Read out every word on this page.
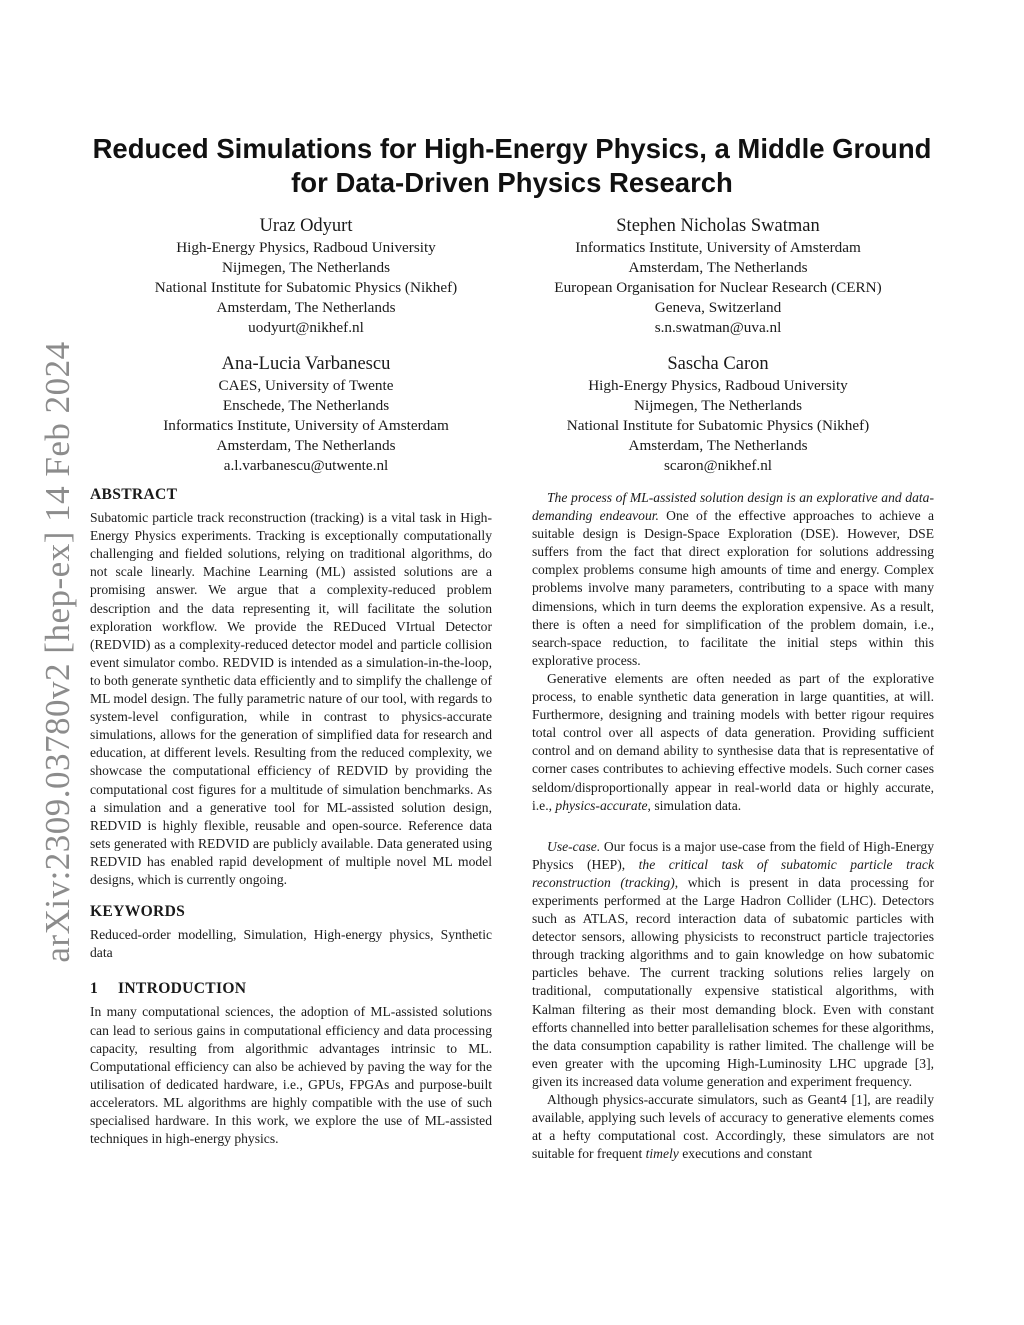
arXiv:2309.03780v2 [hep-ex] 14 Feb 2024
Reduced Simulations for High-Energy Physics, a Middle Ground
for Data-Driven Physics Research
Uraz Odyurt
High-Energy Physics, Radboud University
Nijmegen, The Netherlands
National Institute for Subatomic Physics (Nikhef)
Amsterdam, The Netherlands
uodyurt@nikhef.nl
Stephen Nicholas Swatman
Informatics Institute, University of Amsterdam
Amsterdam, The Netherlands
European Organisation for Nuclear Research (CERN)
Geneva, Switzerland
s.n.swatman@uva.nl
Ana-Lucia Varbanescu
CAES, University of Twente
Enschede, The Netherlands
Informatics Institute, University of Amsterdam
Amsterdam, The Netherlands
a.l.varbanescu@utwente.nl
Sascha Caron
High-Energy Physics, Radboud University
Nijmegen, The Netherlands
National Institute for Subatomic Physics (Nikhef)
Amsterdam, The Netherlands
scaron@nikhef.nl
ABSTRACT

Subatomic particle track reconstruction (tracking) is a vital task in High-Energy Physics experiments. Tracking is exceptionally computationally challenging and fielded solutions, relying on traditional algorithms, do not scale linearly. Machine Learning (ML) assisted solutions are a promising answer. We argue that a complexity-reduced problem description and the data representing it, will facilitate the solution exploration workflow. We provide the REDuced VIrtual Detector (REDVID) as a complexity-reduced detector model and particle collision event simulator combo. REDVID is intended as a simulation-in-the-loop, to both generate synthetic data efficiently and to simplify the challenge of ML model design. The fully parametric nature of our tool, with regards to system-level configuration, while in contrast to physics-accurate simulations, allows for the generation of simplified data for research and education, at different levels. Resulting from the reduced complexity, we showcase the computational efficiency of REDVID by providing the computational cost figures for a multitude of simulation benchmarks. As a simulation and a generative tool for ML-assisted solution design, REDVID is highly flexible, reusable and open-source. Reference data sets generated with REDVID are publicly available. Data generated using REDVID has enabled rapid development of multiple novel ML model designs, which is currently ongoing.

KEYWORDS

Reduced-order modelling, Simulation, High-energy physics, Synthetic data

1 INTRODUCTION

In many computational sciences, the adoption of ML-assisted solutions can lead to serious gains in computational efficiency and data processing capacity, resulting from algorithmic advantages intrinsic to ML. Computational efficiency can also be achieved by paving the way for the utilisation of dedicated hardware, i.e., GPUs, FPGAs and purpose-built accelerators. ML algorithms are highly compatible with the use of such specialised hardware. In this work, we explore the use of ML-assisted techniques in high-energy physics.

The process of ML-assisted solution design is an explorative and data-demanding endeavour. One of the effective approaches to achieve a suitable design is Design-Space Exploration (DSE). However, DSE suffers from the fact that direct exploration for solutions addressing complex problems consume high amounts of time and energy. Complex problems involve many parameters, contributing to a space with many dimensions, which in turn deems the exploration expensive. As a result, there is often a need for simplification of the problem domain, i.e., search-space reduction, to facilitate the initial steps within this explorative process.

Generative elements are often needed as part of the explorative process, to enable synthetic data generation in large quantities, at will. Furthermore, designing and training models with better rigour requires total control over all aspects of data generation. Providing sufficient control and on demand ability to synthesise data that is representative of corner cases contributes to achieving effective models. Such corner cases seldom/disproportionally appear in real-world data or highly accurate, i.e., physics-accurate, simulation data.

Use-case. Our focus is a major use-case from the field of High-Energy Physics (HEP), the critical task of subatomic particle track reconstruction (tracking), which is present in data processing for experiments performed at the Large Hadron Collider (LHC). Detectors such as ATLAS, record interaction data of subatomic particles with detector sensors, allowing physicists to reconstruct particle trajectories through tracking algorithms and to gain knowledge on how subatomic particles behave. The current tracking solutions relies largely on traditional, computationally expensive statistical algorithms, with Kalman filtering as their most demanding block. Even with constant efforts channelled into better parallelisation schemes for these algorithms, the data consumption capability is rather limited. The challenge will be even greater with the upcoming High-Luminosity LHC upgrade [3], given its increased data volume generation and experiment frequency.

Although physics-accurate simulators, such as Geant4 [1], are readily available, applying such levels of accuracy to generative elements comes at a hefty computational cost. Accordingly, these simulators are not suitable for frequent timely executions and constant
